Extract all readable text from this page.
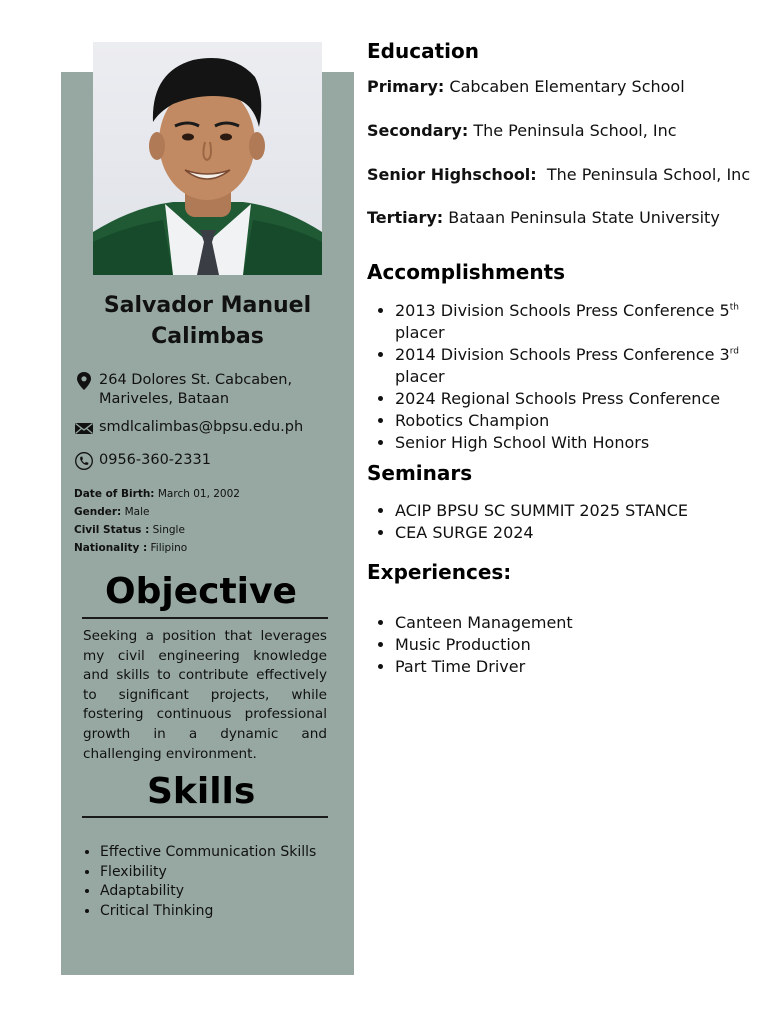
Salvador Manuel Calimbas
264 Dolores St. Cabcaben, Mariveles, Bataan
smdlcalimbas@bpsu.edu.ph
0956-360-2331
Date of Birth: March 01, 2002
Gender: Male
Civil Status : Single
Nationality : Filipino
Objective
Seeking a position that leverages my civil engineering knowledge and skills to contribute effectively to significant projects, while fostering continuous professional growth in a dynamic and challenging environment.
Skills
• Effective Communication Skills
• Flexibility
• Adaptability
• Critical Thinking
Education
Primary: Cabcaben Elementary School
Secondary: The Peninsula School, Inc
Senior Highschool: The Peninsula School, Inc
Tertiary: Bataan Peninsula State University
Accomplishments
• 2013 Division Schools Press Conference 5th placer
• 2014 Division Schools Press Conference 3rd placer
• 2024 Regional Schools Press Conference
• Robotics Champion
• Senior High School With Honors
Seminars
• ACIP BPSU SC SUMMIT 2025 STANCE
• CEA SURGE 2024
Experiences:
• Canteen Management
• Music Production
• Part Time Driver
